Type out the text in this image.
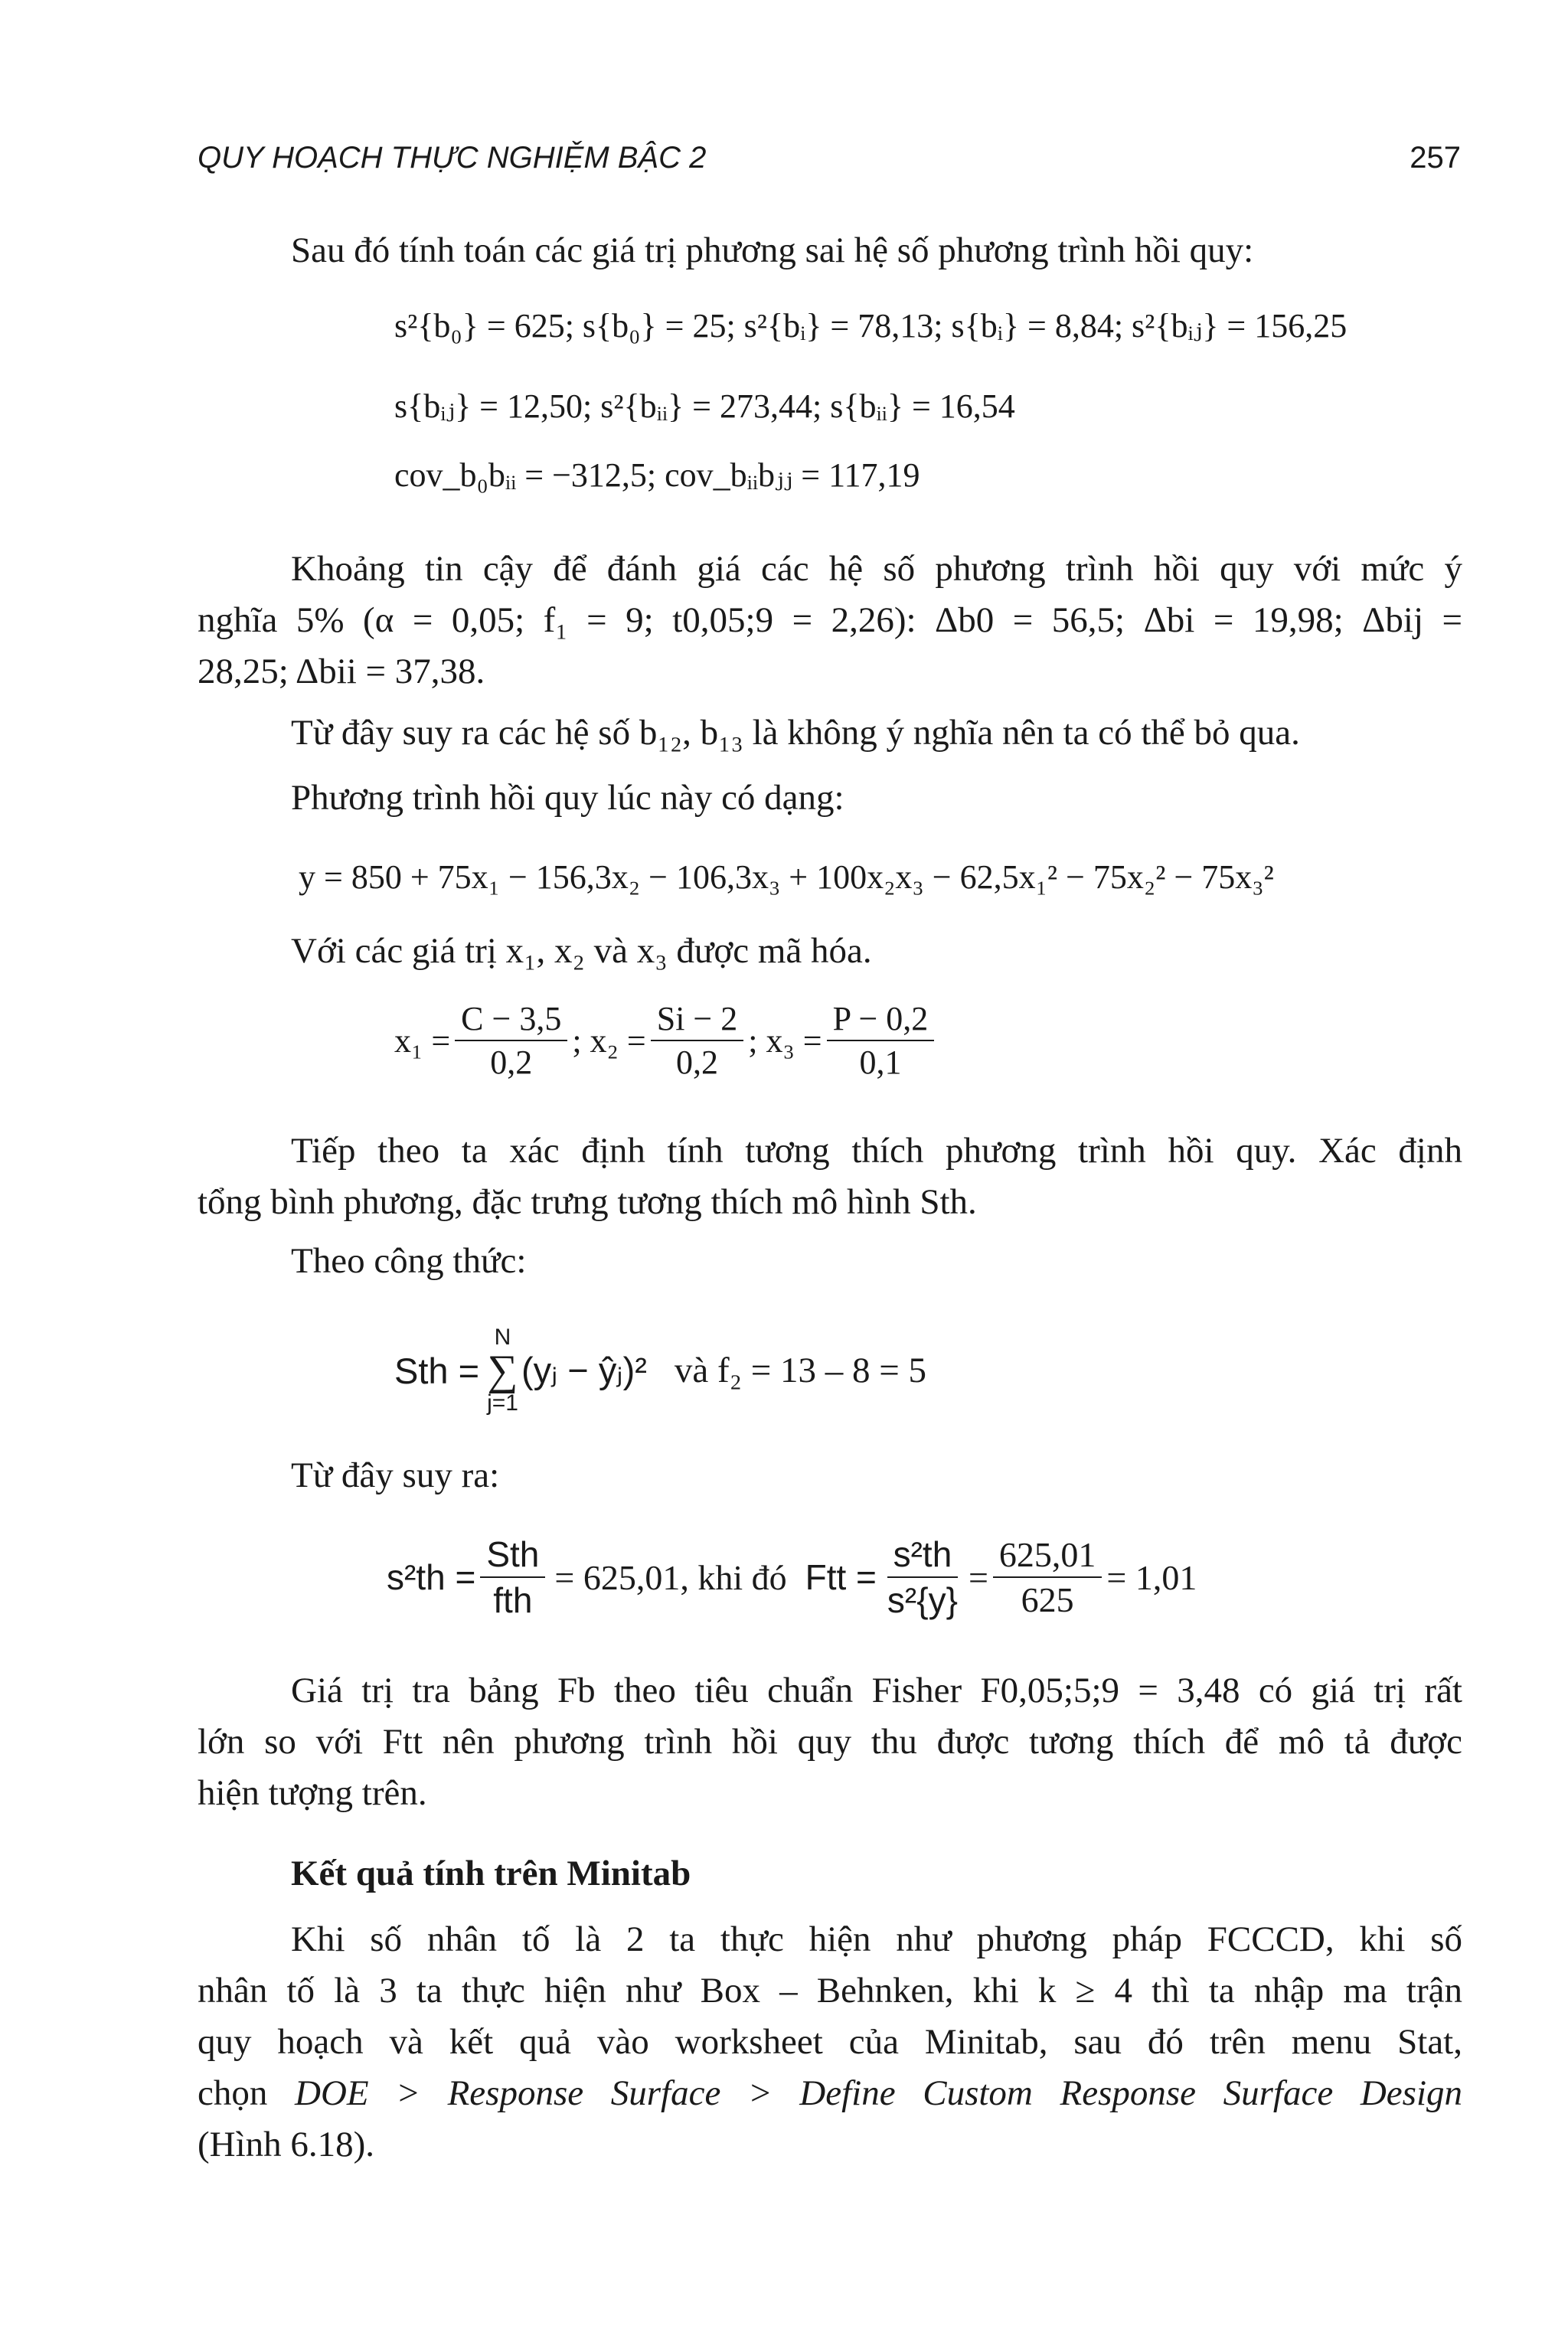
QUY HOẠCH THỰC NGHIỆM BẬC 2	257
Sau đó tính toán các giá trị phương sai hệ số phương trình hồi quy:
s²{b₀} = 625; s{b₀} = 25; s²{bᵢ} = 78,13; s{bᵢ} = 8,84; s²{bᵢⱼ} = 156,25
s{bᵢⱼ} = 12,50; s²{bᵢᵢ} = 273,44; s{bᵢᵢ} = 16,54
cov_b₀bᵢᵢ = −312,5; cov_bᵢᵢbⱼⱼ = 117,19
Khoảng tin cậy để đánh giá các hệ số phương trình hồi quy với mức ý
nghĩa 5% (α = 0,05; f₁ = 9; t0,05;9 = 2,26): Δb0 = 56,5; Δbi = 19,98; Δbij =
28,25; Δbii = 37,38.
Từ đây suy ra các hệ số b₁₂, b₁₃ là không ý nghĩa nên ta có thể bỏ qua.
Phương trình hồi quy lúc này có dạng:
y = 850 + 75x₁ − 156,3x₂ − 106,3x₃ + 100x₂x₃ − 62,5x₁² − 75x₂² − 75x₃²
Với các giá trị x₁, x₂ và x₃ được mã hóa.
$x_1 = \frac{C - 3,5}{0,2}$ ; $x_2 = \frac{Si - 2}{0,2}$ ; $x_3 = \frac{P - 0,2}{0,1}$
Tiếp theo ta xác định tính tương thích phương trình hồi quy. Xác định
tổng bình phương, đặc trưng tương thích mô hình Sth.
Theo công thức:
Sth =
N
∑
j=1
(yⱼ − ŷⱼ)² và f₂ = 13 – 8 = 5
Từ đây suy ra:
$s^2th = \frac{\text{Sth}}{\text{fth}} = 625,01$, khi đó Ftt = $\frac{\text{s²th}}{\text{s²\{y\}}} = \frac{625,01}{625} = 1,01$
Giá trị tra bảng Fb theo tiêu chuẩn Fisher F0,05;5;9 = 3,48 có giá trị rất
lớn so với Ftt nên phương trình hồi quy thu được tương thích để mô tả được
hiện tượng trên.
Kết quả tính trên Minitab
Khi số nhân tố là 2 ta thực hiện như phương pháp FCCCD, khi số
nhân tố là 3 ta thực hiện như Box – Behnken, khi k ≥ 4 thì ta nhập ma trận
quy hoạch và kết quả vào worksheet của Minitab, sau đó trên menu Stat,
chọn DOE > Response Surface > Define Custom Response Surface Design
(Hình 6.18).
